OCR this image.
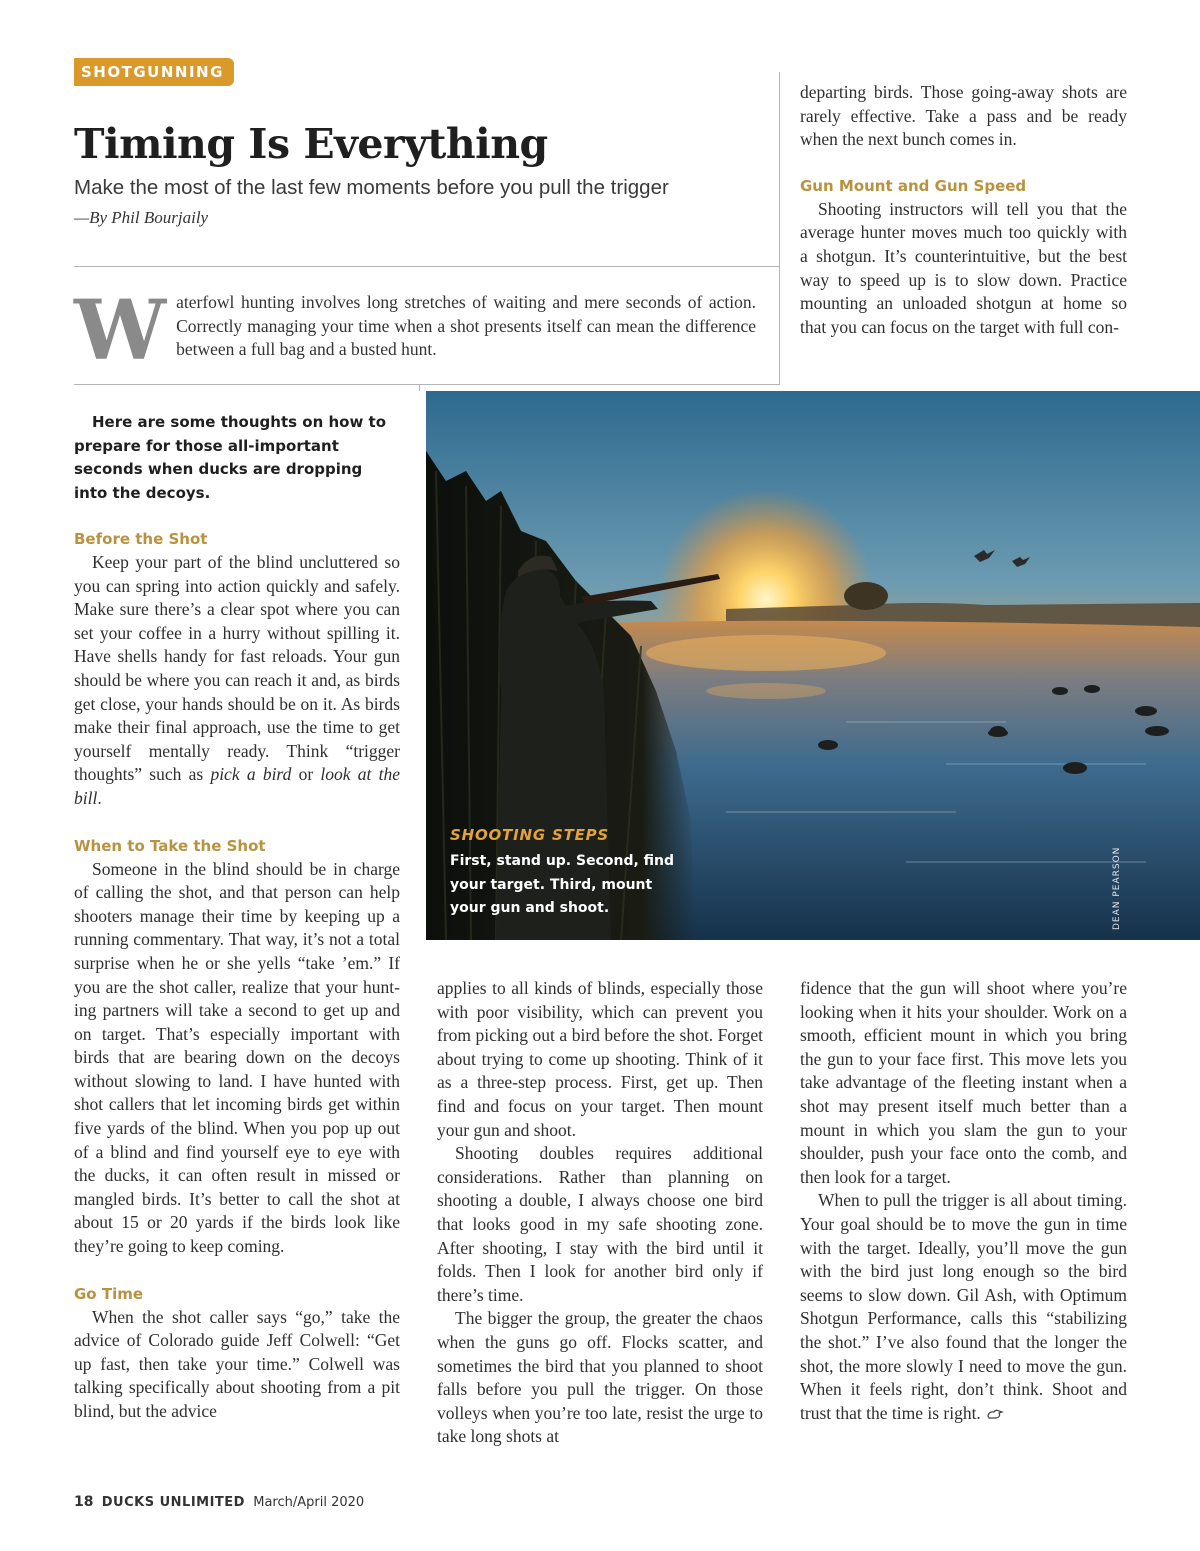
SHOTGUNNING
Timing Is Everything
Make the most of the last few moments before you pull the trigger
—By Phil Bourjaily
W aterfowl hunting involves long stretches of waiting and mere seconds of action. Correctly managing your time when a shot presents itself can mean the difference between a full bag and a busted hunt.

departing birds. Those going-away shots are rarely effective. Take a pass and be ready when the next bunch comes in.

Gun Mount and Gun Speed

Shooting instructors will tell you that the average hunter moves much too quickly with a shotgun. It’s counterintuitive, but the best way to speed up is to slow down. Practice mounting an unloaded shotgun at home so that you can focus on the target with full con-

Here are some thoughts on how to prepare for those all-important seconds when ducks are dropping into the decoys.

Before the Shot

Keep your part of the blind uncluttered so you can spring into action quickly and safely. Make sure there’s a clear spot where you can set your coffee in a hurry without spilling it. Have shells handy for fast reloads. Your gun should be where you can reach it and, as birds get close, your hands should be on it. As birds make their final approach, use the time to get yourself mentally ready. Think “trigger thoughts” such as pick a bird or look at the bill.

When to Take the Shot

Someone in the blind should be in charge of calling the shot, and that person can help shooters manage their time by keeping up a running commentary. That way, it’s not a total surprise when he or she yells “take ’em.” If you are the shot caller, realize that your hunting partners will take a second to get up and on target. That’s especially important with birds that are bearing down on the decoys without slowing to land. I have hunted with shot callers that let incoming birds get within five yards of the blind. When you pop up out of a blind and find yourself eye to eye with the ducks, it can often result in missed or mangled birds. It’s better to call the shot at about 15 or 20 yards if the birds look like they’re going to keep coming.

Go Time

When the shot caller says “go,” take the advice of Colorado guide Jeff Colwell: “Get up fast, then take your time.” Colwell was talking specifically about shooting from a pit blind, but the advice

SHOOTING STEPS
First, stand up. Second, find your target. Third, mount your gun and shoot.	DEAN PEARSON

applies to all kinds of blinds, especially those with poor visibility, which can prevent you from picking out a bird before the shot. Forget about trying to come up shooting. Think of it as a three-step process. First, get up. Then find and focus on your target. Then mount your gun and shoot.

Shooting doubles requires additional considerations. Rather than planning on shooting a double, I always choose one bird that looks good in my safe shooting zone. After shooting, I stay with the bird until it folds. Then I look for another bird only if there’s time.

The bigger the group, the greater the chaos when the guns go off. Flocks scatter, and sometimes the bird that you planned to shoot falls before you pull the trigger. On those volleys when you’re too late, resist the urge to take long shots at

fidence that the gun will shoot where you’re looking when it hits your shoulder. Work on a smooth, efficient mount in which you bring the gun to your face first. This move lets you take advantage of the fleeting instant when a shot may present itself much better than a mount in which you slam the gun to your shoulder, push your face onto the comb, and then look for a target.

When to pull the trigger is all about timing. Your goal should be to move the gun in time with the target. Ideally, you’ll move the gun with the bird just long enough so the bird seems to slow down. Gil Ash, with Optimum Shotgun Performance, calls this “stabilizing the shot.” I’ve also found that the longer the shot, the more slowly I need to move the gun. When it feels right, don’t think. Shoot and trust that the time is right.

18 DUCKS UNLIMITED March/April 2020
